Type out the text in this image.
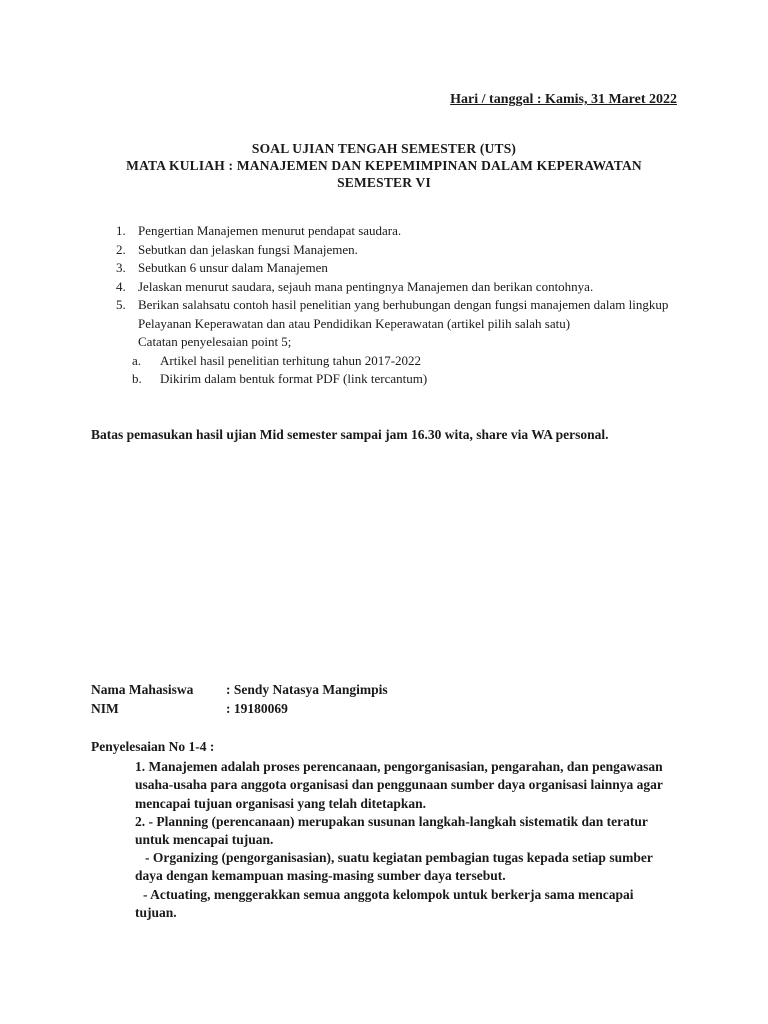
Hari / tanggal : Kamis, 31 Maret 2022
SOAL UJIAN TENGAH SEMESTER (UTS)
MATA KULIAH : MANAJEMEN DAN KEPEMIMPINAN DALAM KEPERAWATAN
SEMESTER VI
1. Pengertian Manajemen menurut pendapat saudara.
2. Sebutkan dan jelaskan fungsi Manajemen.
3. Sebutkan 6 unsur dalam Manajemen
4. Jelaskan menurut saudara, sejauh mana pentingnya Manajemen dan berikan contohnya.
5. Berikan salahsatu contoh hasil penelitian yang berhubungan dengan fungsi manajemen dalam lingkup Pelayanan Keperawatan dan atau Pendidikan Keperawatan (artikel pilih salah satu)
Catatan penyelesaian point 5;
a.	Artikel hasil penelitian terhitung tahun 2017-2022
b.	Dikirim dalam bentuk format PDF (link tercantum)
Batas pemasukan hasil ujian Mid semester sampai jam 16.30 wita, share via WA personal.
Nama Mahasiswa	: Sendy Natasya Mangimpis
NIM	: 19180069
Penyelesaian No 1-4 :
1. Manajemen adalah proses perencanaan, pengorganisasian, pengarahan, dan pengawasan usaha-usaha para anggota organisasi dan penggunaan sumber daya organisasi lainnya agar mencapai tujuan organisasi yang telah ditetapkan.
2. - Planning (perencanaan) merupakan susunan langkah-langkah sistematik dan teratur untuk mencapai tujuan.
- Organizing (pengorganisasian), suatu kegiatan pembagian tugas kepada setiap sumber daya dengan kemampuan masing-masing sumber daya tersebut.
- Actuating, menggerakkan semua anggota kelompok untuk berkerja sama mencapai tujuan.
